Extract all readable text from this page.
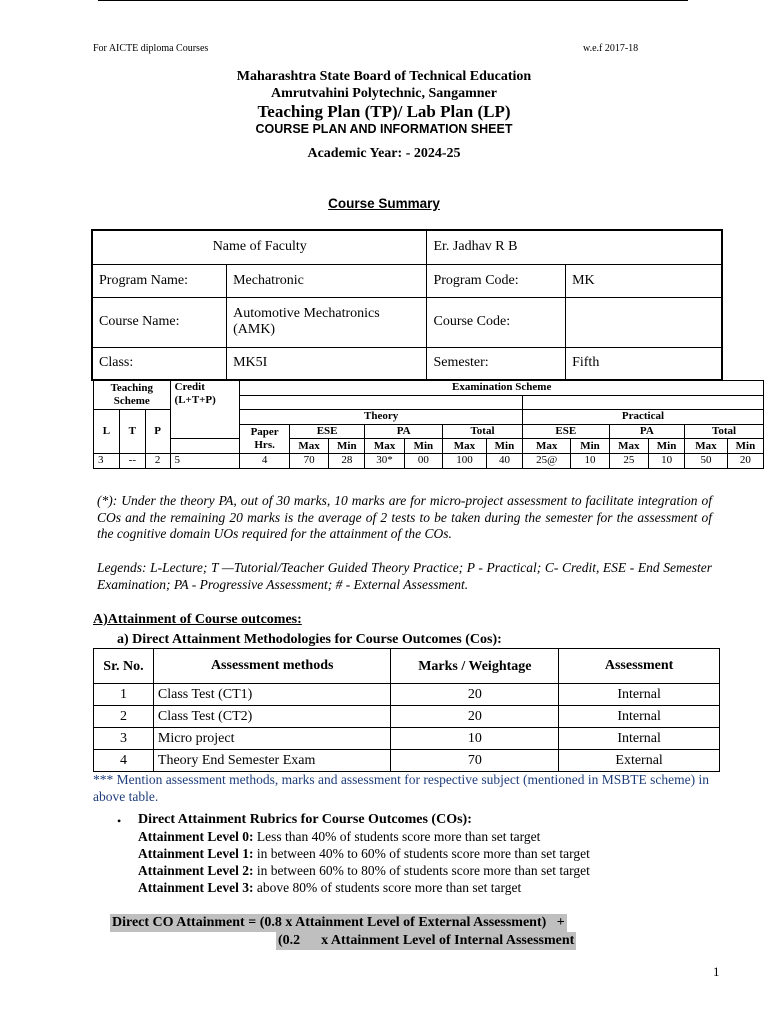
For AICTE diploma Courses	w.e.f 2017-18
Maharashtra State Board of Technical Education
Amrutvahini Polytechnic, Sangamner
Teaching Plan (TP)/ Lab Plan (LP)
COURSE PLAN AND INFORMATION SHEET
Academic Year: - 2024-25
Course Summary
Name of Faculty		Er. Jadhav R B	
Program Name:	Mechatronic	Program Code:	MK
Course Name:	Automotive Mechatronics (AMK)	Course Code:	
Class:	MK5I	Semester:	Fifth
Teaching Scheme			Credit (L+T+P)	Examination Scheme												

L	T	P		Theory							Practical					
				Paper Hrs.	ESE		PA		Total		ESE		PA		Total	
					Max	Min	Max	Min	Max	Min	Max	Min	Max	Min	Max	Min
3	--	2	5	4	70	28	30*	00	100	40	25@	10	25	10	50	20
(*): Under the theory PA, out of 30 marks, 10 marks are for micro-project assessment to facilitate integration of COs and the remaining 20 marks is the average of 2 tests to be taken during the semester for the assessment of the cognitive domain UOs required for the attainment of the COs.
Legends: L-Lecture; T —Tutorial/Teacher Guided Theory Practice; P - Practical; C- Credit, ESE - End Semester Examination; PA - Progressive Assessment; # - External Assessment.
A)Attainment of Course outcomes:
a) Direct Attainment Methodologies for Course Outcomes (Cos):
Sr. No.	Assessment methods	Marks / Weightage	Assessment
1	Class Test (CT1)	20	Internal
2	Class Test (CT2)	20	Internal
3	Micro project	10	Internal
4	Theory End Semester Exam	70	External
*** Mention assessment methods, marks and assessment for respective subject (mentioned in MSBTE scheme) in above table.
• Direct Attainment Rubrics for Course Outcomes (COs):
Attainment Level 0: Less than 40% of students score more than set target
Attainment Level 1: in between 40% to 60% of students score more than set target
Attainment Level 2: in between 60% to 80% of students score more than set target
Attainment Level 3: above 80% of students score more than set target
Direct CO Attainment = (0.8 x Attainment Level of External Assessment)   +
(0.2      x Attainment Level of Internal Assessment
1
